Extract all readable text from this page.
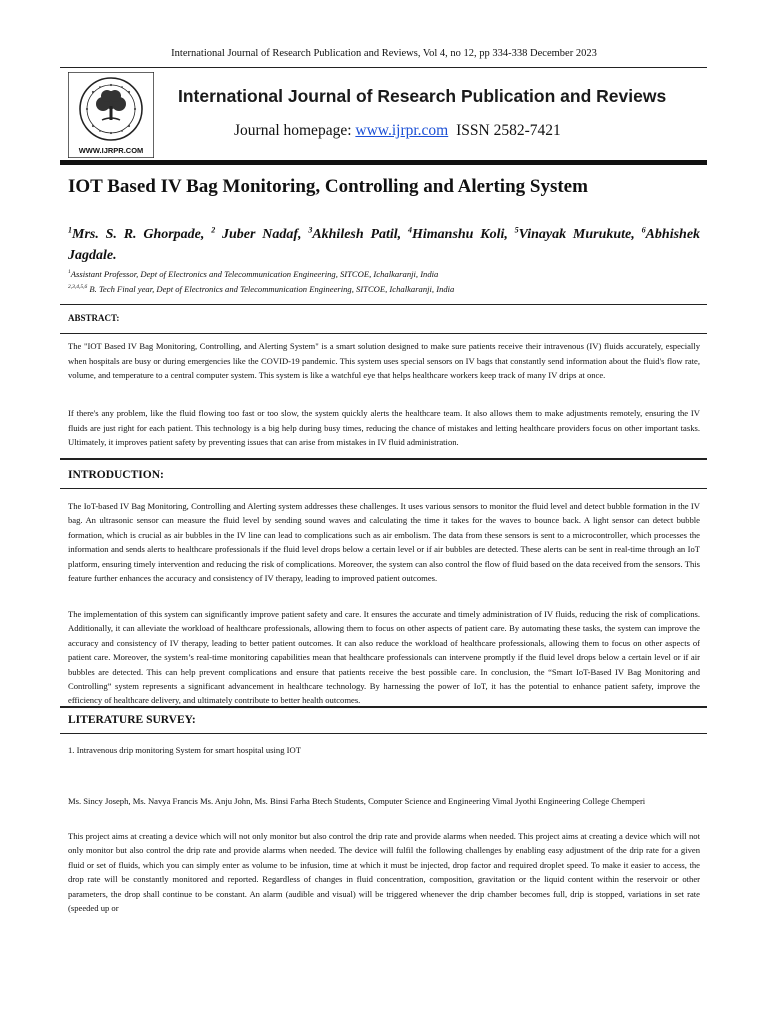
International Journal of Research Publication and Reviews, Vol 4, no 12, pp 334-338 December 2023
WWW.IJRPR.COM
International Journal of Research Publication and Reviews
Journal homepage: www.ijrpr.com ISSN 2582-7421
IOT Based IV Bag Monitoring, Controlling and Alerting System
$^1$Mrs. S. R. Ghorpade, $^2$ Juber Nadaf, $^3$Akhilesh Patil, $^4$Himanshu Koli, $^5$Vinayak Murukute, $^6$Abhishek Jagdale.
$^1$Assistant Professor, Dept of Electronics and Telecommunication Engineering, SITCOE, Ichalkaranji, India
$^{2,3,4,5,6}$ B. Tech Final year, Dept of Electronics and Telecommunication Engineering, SITCOE, Ichalkaranji, India
ABSTRACT:
The "IOT Based IV Bag Monitoring, Controlling, and Alerting System" is a smart solution designed to make sure patients receive their intravenous (IV) fluids accurately, especially when hospitals are busy or during emergencies like the COVID-19 pandemic. This system uses special sensors on IV bags that constantly send information about the fluid's flow rate, volume, and temperature to a central computer system. This system is like a watchful eye that helps healthcare workers keep track of many IV drips at once.
If there's any problem, like the fluid flowing too fast or too slow, the system quickly alerts the healthcare team. It also allows them to make adjustments remotely, ensuring the IV fluids are just right for each patient. This technology is a big help during busy times, reducing the chance of mistakes and letting healthcare providers focus on other important tasks. Ultimately, it improves patient safety by preventing issues that can arise from mistakes in IV fluid administration.
INTRODUCTION:
The IoT-based IV Bag Monitoring, Controlling and Alerting system addresses these challenges. It uses various sensors to monitor the fluid level and detect bubble formation in the IV bag. An ultrasonic sensor can measure the fluid level by sending sound waves and calculating the time it takes for the waves to bounce back. A light sensor can detect bubble formation, which is crucial as air bubbles in the IV line can lead to complications such as air embolism. The data from these sensors is sent to a microcontroller, which processes the information and sends alerts to healthcare professionals if the fluid level drops below a certain level or if air bubbles are detected. These alerts can be sent in real-time through an IoT platform, ensuring timely intervention and reducing the risk of complications. Moreover, the system can also control the flow of fluid based on the data received from the sensors. This feature further enhances the accuracy and consistency of IV therapy, leading to improved patient outcomes.
The implementation of this system can significantly improve patient safety and care. It ensures the accurate and timely administration of IV fluids, reducing the risk of complications. Additionally, it can alleviate the workload of healthcare professionals, allowing them to focus on other aspects of patient care. By automating these tasks, the system can improve the accuracy and consistency of IV therapy, leading to better patient outcomes. It can also reduce the workload of healthcare professionals, allowing them to focus on other aspects of patient care. Moreover, the system’s real-time monitoring capabilities mean that healthcare professionals can intervene promptly if the fluid level drops below a certain level or if air bubbles are detected. This can help prevent complications and ensure that patients receive the best possible care. In conclusion, the “Smart IoT-Based IV Bag Monitoring and Controlling” system represents a significant advancement in healthcare technology. By harnessing the power of IoT, it has the potential to enhance patient safety, improve the efficiency of healthcare delivery, and ultimately contribute to better health outcomes.
LITERATURE SURVEY:
1. Intravenous drip monitoring System for smart hospital using IOT
Ms. Sincy Joseph, Ms. Navya Francis Ms. Anju John, Ms. Binsi Farha Btech Students, Computer Science and Engineering Vimal Jyothi Engineering College Chemperi
This project aims at creating a device which will not only monitor but also control the drip rate and provide alarms when needed. This project aims at creating a device which will not only monitor but also control the drip rate and provide alarms when needed. The device will fulfil the following challenges by enabling easy adjustment of the drip rate for a given fluid or set of fluids, which you can simply enter as volume to be infusion, time at which it must be injected, drop factor and required droplet speed. To make it easier to access, the drop rate will be constantly monitored and reported. Regardless of changes in fluid concentration, composition, gravitation or the liquid content within the reservoir or other parameters, the drop shall continue to be constant. An alarm (audible and visual) will be triggered whenever the drip chamber becomes full, drip is stopped, variations in set rate (speeded up or
